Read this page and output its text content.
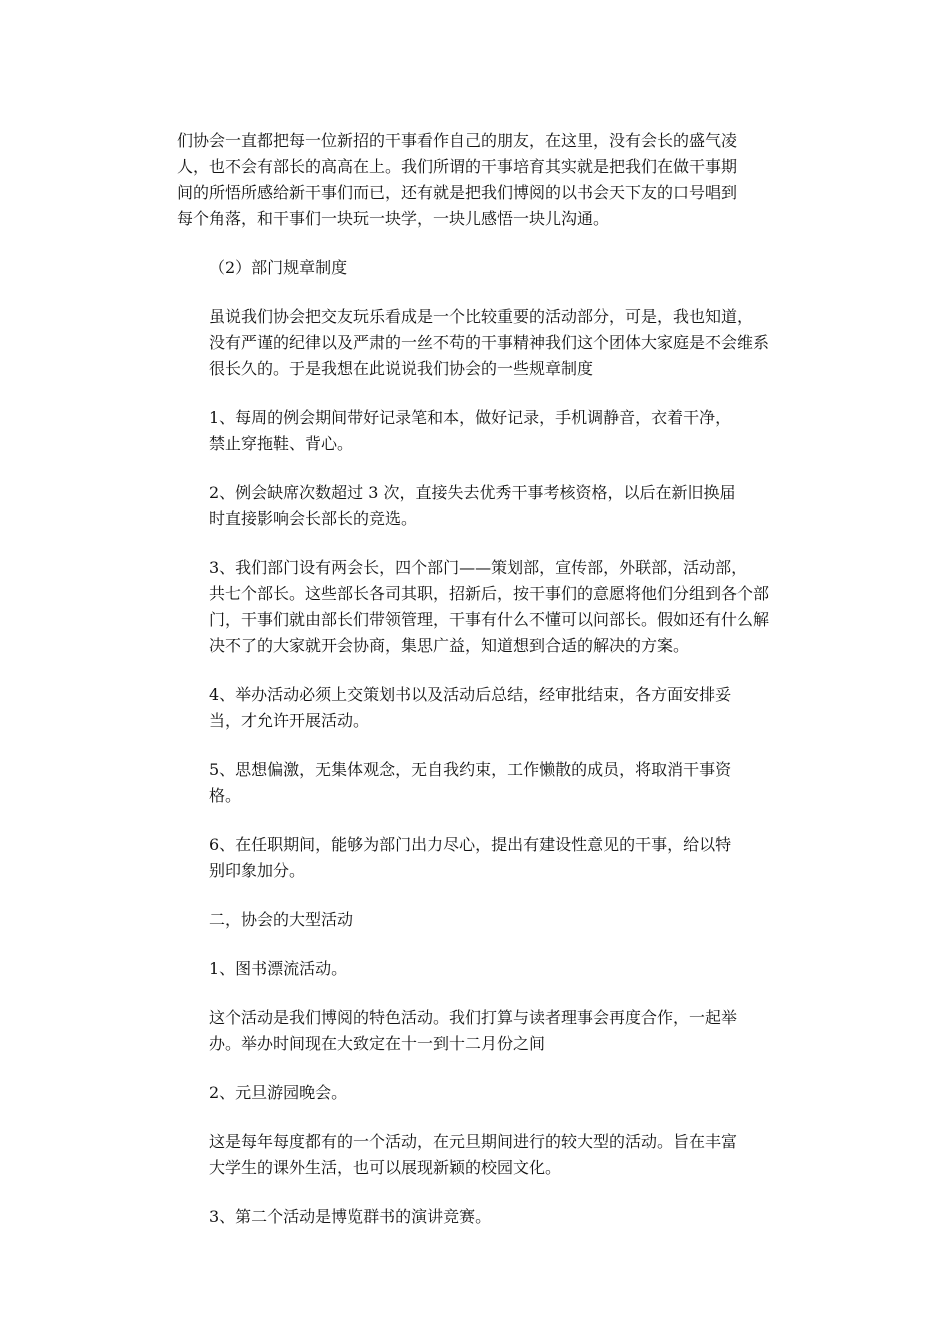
们协会一直都把每一位新招的干事看作自己的朋友，在这里，没有会长的盛气凌
人，也不会有部长的高高在上。我们所谓的干事培育其实就是把我们在做干事期
间的所悟所感给新干事们而已，还有就是把我们博阅的以书会天下友的口号唱到
每个角落，和干事们一块玩一块学，一块儿感悟一块儿沟通。

（2）部门规章制度

虽说我们协会把交友玩乐看成是一个比较重要的活动部分，可是，我也知道，
没有严谨的纪律以及严肃的一丝不苟的干事精神我们这个团体大家庭是不会维系
很长久的。于是我想在此说说我们协会的一些规章制度

1、每周的例会期间带好记录笔和本，做好记录，手机调静音，衣着干净，
禁止穿拖鞋、背心。

2、例会缺席次数超过 3 次，直接失去优秀干事考核资格，以后在新旧换届
时直接影响会长部长的竞选。

3、我们部门设有两会长，四个部门——策划部，宣传部，外联部，活动部，
共七个部长。这些部长各司其职，招新后，按干事们的意愿将他们分组到各个部
门，干事们就由部长们带领管理，干事有什么不懂可以问部长。假如还有什么解
决不了的大家就开会协商，集思广益，知道想到合适的解决的方案。

4、举办活动必须上交策划书以及活动后总结，经审批结束，各方面安排妥
当，才允许开展活动。

5、思想偏激，无集体观念，无自我约束，工作懒散的成员，将取消干事资
格。

6、在任职期间，能够为部门出力尽心，提出有建设性意见的干事，给以特
别印象加分。

二，协会的大型活动

1、图书漂流活动。

这个活动是我们博阅的特色活动。我们打算与读者理事会再度合作，一起举
办。举办时间现在大致定在十一到十二月份之间

2、元旦游园晚会。

这是每年每度都有的一个活动，在元旦期间进行的较大型的活动。旨在丰富
大学生的课外生活，也可以展现新颖的校园文化。

3、第二个活动是博览群书的演讲竞赛。
